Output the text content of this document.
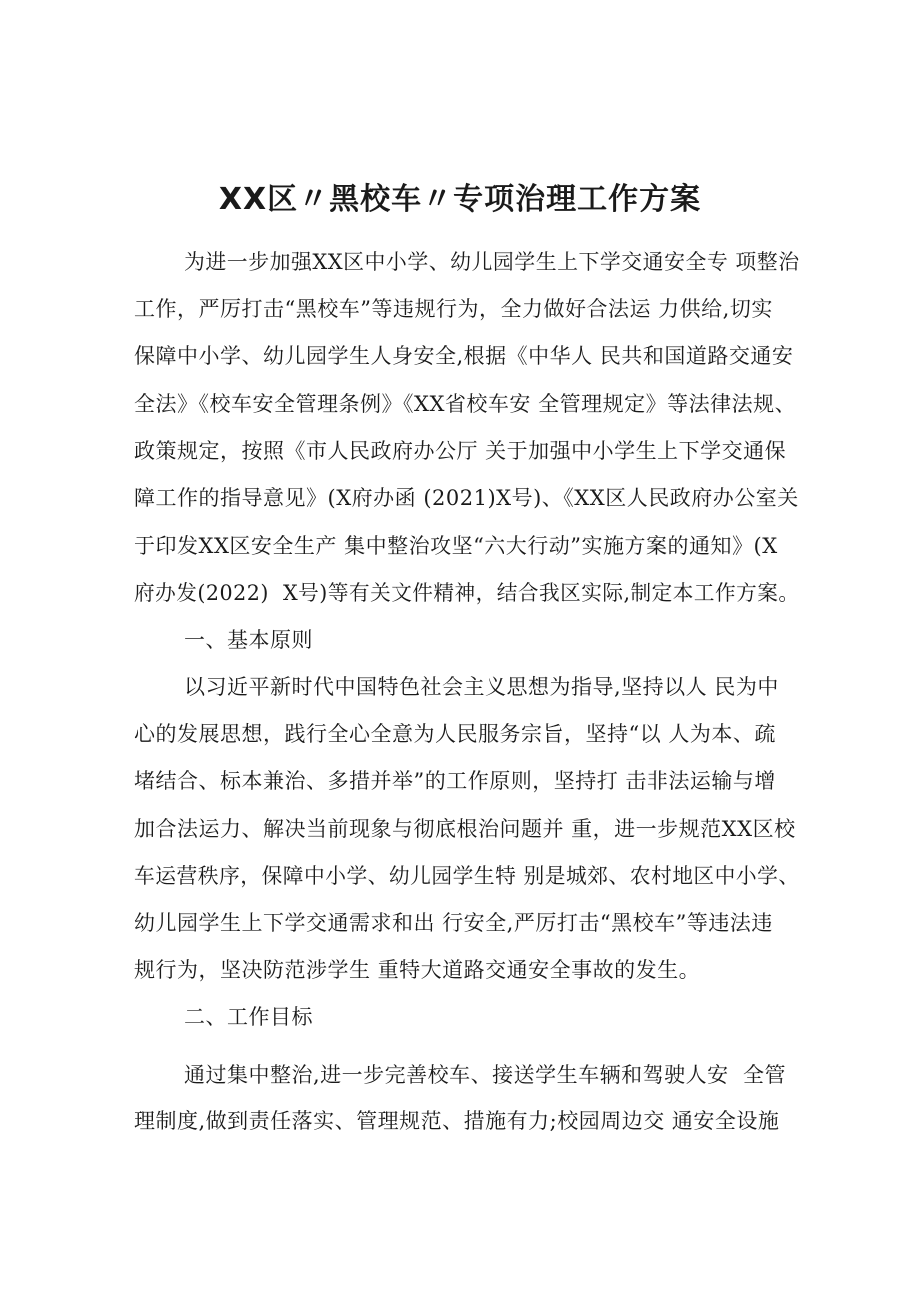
XX区〃黑校车〃专项治理工作方案
为进一步加强XX区中小学、幼儿园学生上下学交通安全专 项整治
工作，严厉打击“黑校车”等违规行为，全力做好合法运 力供给,切实
保障中小学、幼儿园学生人身安全,根据《中华人 民共和国道路交通安
全法》《校车安全管理条例》《XX省校车安 全管理规定》等法律法规、
政策规定，按照《市人民政府办公厅 关于加强中小学生上下学交通保
障工作的指导意见》(X府办函 (2021)X号)、《XX区人民政府办公室关
于印发XX区安全生产 集中整治攻坚“六大行动”实施方案的通知》(X
府办发(2022)  X号)等有关文件精神，结合我区实际,制定本工作方案。
一、基本原则
以习近平新时代中国特色社会主义思想为指导,坚持以人 民为中
心的发展思想，践行全心全意为人民服务宗旨，坚持“以 人为本、疏
堵结合、标本兼治、多措并举”的工作原则，坚持打 击非法运输与增
加合法运力、解决当前现象与彻底根治问题并 重，进一步规范XX区校
车运营秩序，保障中小学、幼儿园学生特 别是城郊、农村地区中小学、
幼儿园学生上下学交通需求和出 行安全,严厉打击“黑校车”等违法违
规行为，坚决防范涉学生 重特大道路交通安全事故的发生。
二、工作目标
通过集中整治,进一步完善校车、接送学生车辆和驾驶人安  全管
理制度,做到责任落实、管理规范、措施有力;校园周边交 通安全设施
